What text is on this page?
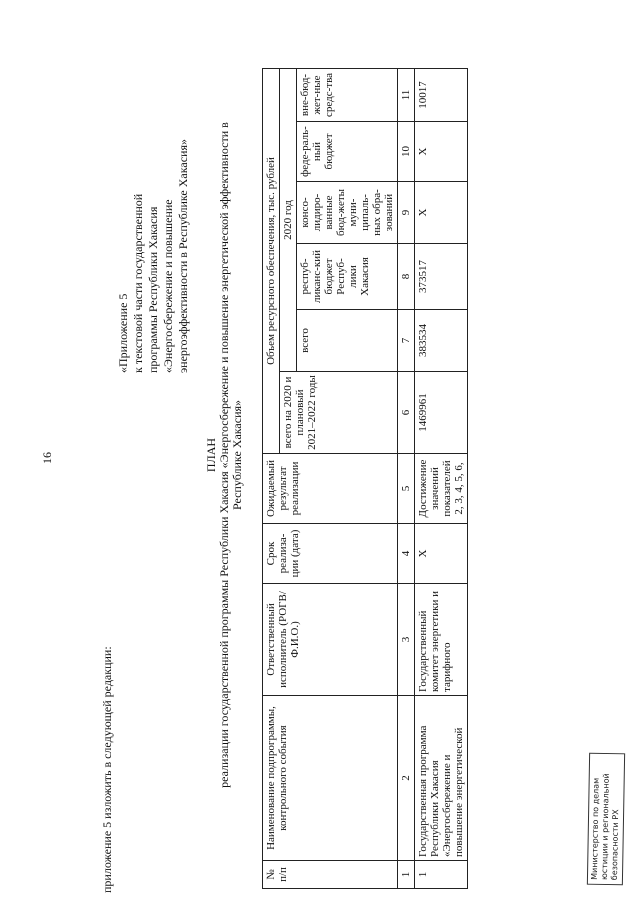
16
приложение 5 изложить в следующей редакции:
«Приложение 5 к текстовой части государственной программы Республики Хакасия «Энергосбережение и повышение энергоэффективности в Республике Хакасия»
ПЛАН реализации государственной программы Республики Хакасия «Энергосбережение и повышение энергетической эффективности в Республике Хакасия»
№ п/п	Наименование подпрограммы, контрольного события	Ответственный исполнитель (РОГВ/Ф.И.О.)	Срок реализа-ции (дата)	Ожидаемый результат реализации	Объем ресурсного обеспечения, тыс. рублей					
					всего на 2020 и плановый 2021–2022 годы	2020 год				
						всего	респуб-ликанс-кий бюджет Респуб-лики Хакасия	консо-лидиро-ванные бюд-жеты муни-ципаль-ных обра-зований	феде-раль-ный бюджет	вне-бюд-жет-ные средс-тва
1	2	3	4	5	6	7	8	9	10	11
1	Государственная программа Республики Хакасия «Энергосбережение и повышение энергетической	Государственный комитет энергетики и тарифного	Х	Достижение значений показателей 2, 3, 4, 5, 6,	1469961	383534	373517	Х	Х	10017
Министерство по делам юстиции и региональной безопасности РХ
